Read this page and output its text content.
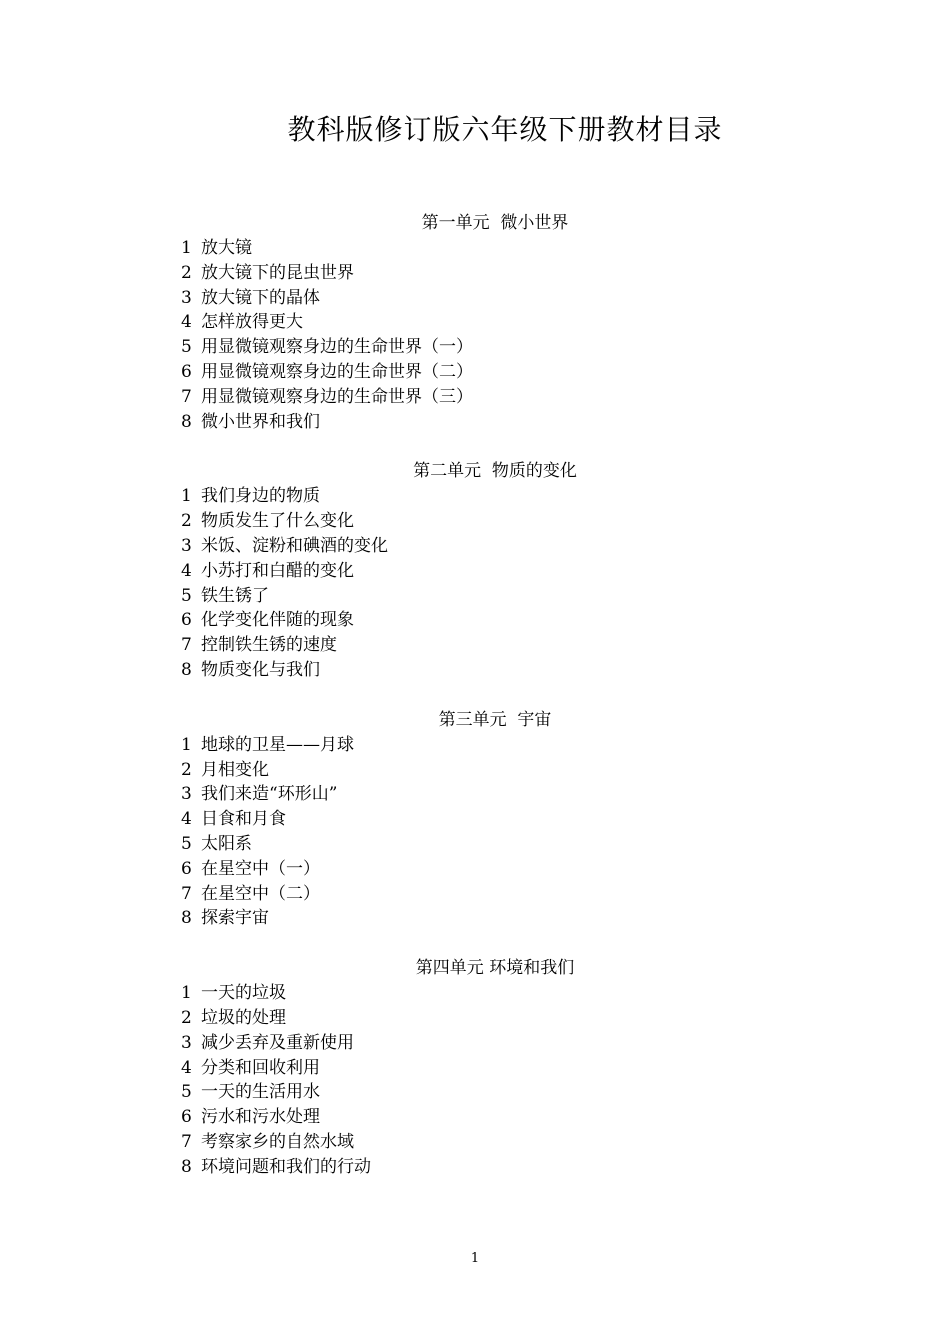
教科版修订版六年级下册教材目录
第一单元  微小世界
1 放大镜
2 放大镜下的昆虫世界
3 放大镜下的晶体
4 怎样放得更大
5 用显微镜观察身边的生命世界（一）
6 用显微镜观察身边的生命世界（二）
7 用显微镜观察身边的生命世界（三）
8 微小世界和我们
第二单元  物质的变化
1 我们身边的物质
2 物质发生了什么变化
3 米饭、淀粉和碘酒的变化
4 小苏打和白醋的变化
5 铁生锈了
6 化学变化伴随的现象
7 控制铁生锈的速度
8 物质变化与我们
第三单元  宇宙
1 地球的卫星——月球
2 月相变化
3 我们来造“环形山”
4 日食和月食
5 太阳系
6 在星空中（一）
7 在星空中（二）
8 探索宇宙
第四单元 环境和我们
1 一天的垃圾
2 垃圾的处理
3 减少丢弃及重新使用
4 分类和回收利用
5 一天的生活用水
6 污水和污水处理
7 考察家乡的自然水域
8 环境问题和我们的行动
1
